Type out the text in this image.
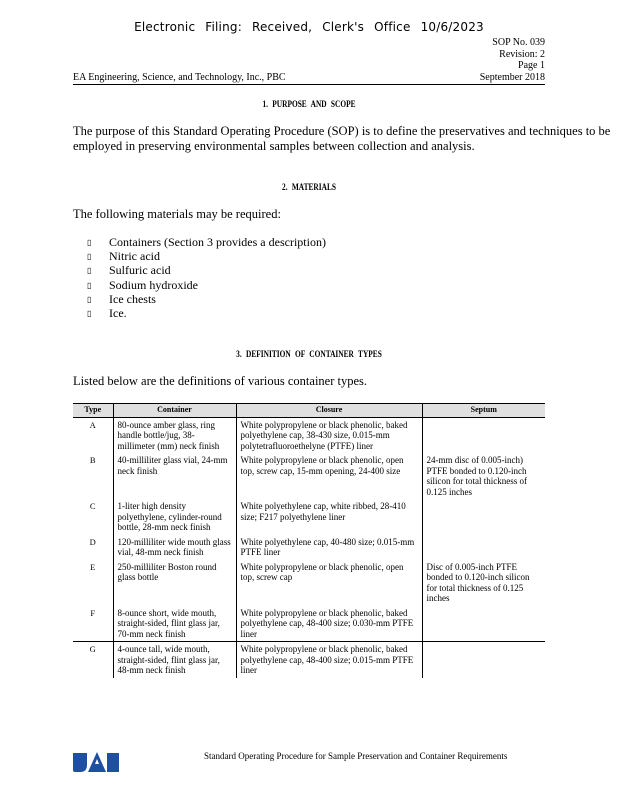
Electronic Filing: Received, Clerk's Office 10/6/2023
SOP No. 039
Revision: 2
Page 1
September 2018
EA Engineering, Science, and Technology, Inc., PBC
1. PURPOSE AND SCOPE
The purpose of this Standard Operating Procedure (SOP) is to define the preservatives and techniques to be employed in preserving environmental samples between collection and analysis.
2. MATERIALS
The following materials may be required:
▯ Containers (Section 3 provides a description)
▯ Nitric acid
▯ Sulfuric acid
▯ Sodium hydroxide
▯ Ice chests
▯ Ice.
3. DEFINITION OF CONTAINER TYPES
Listed below are the definitions of various container types.
Type	Container	Closure	Septum
A	80-ounce amber glass, ring handle bottle/jug, 38-millimeter (mm) neck finish	White polypropylene or black phenolic, baked polyethylene cap, 38-430 size, 0.015-mm polytetrafluoroethelyne (PTFE) liner	
B	40-milliliter glass vial, 24-mm neck finish	White polypropylene or black phenolic, open top, screw cap, 15-mm opening, 24-400 size	24-mm disc of 0.005-inch) PTFE bonded to 0.120-inch silicon for total thickness of 0.125 inches
C	1-liter high density polyethylene, cylinder-round bottle, 28-mm neck finish	White polyethylene cap, white ribbed, 28-410 size; F217 polyethylene liner	
D	120-milliliter wide mouth glass vial, 48-mm neck finish	White polyethylene cap, 40-480 size; 0.015-mm PTFE liner	
E	250-milliliter Boston round glass bottle	White polypropylene or black phenolic, open top, screw cap	Disc of 0.005-inch PTFE bonded to 0.120-inch silicon for total thickness of 0.125 inches
F	8-ounce short, wide mouth, straight-sided, flint glass jar, 70-mm neck finish	White polypropylene or black phenolic, baked polyethylene cap, 48-400 size; 0.030-mm PTFE liner	
G	4-ounce tall, wide mouth, straight-sided, flint glass jar, 48-mm neck finish	White polypropylene or black phenolic, baked polyethylene cap, 48-400 size; 0.015-mm PTFE liner	
Standard Operating Procedure for Sample Preservation and Container Requirements
